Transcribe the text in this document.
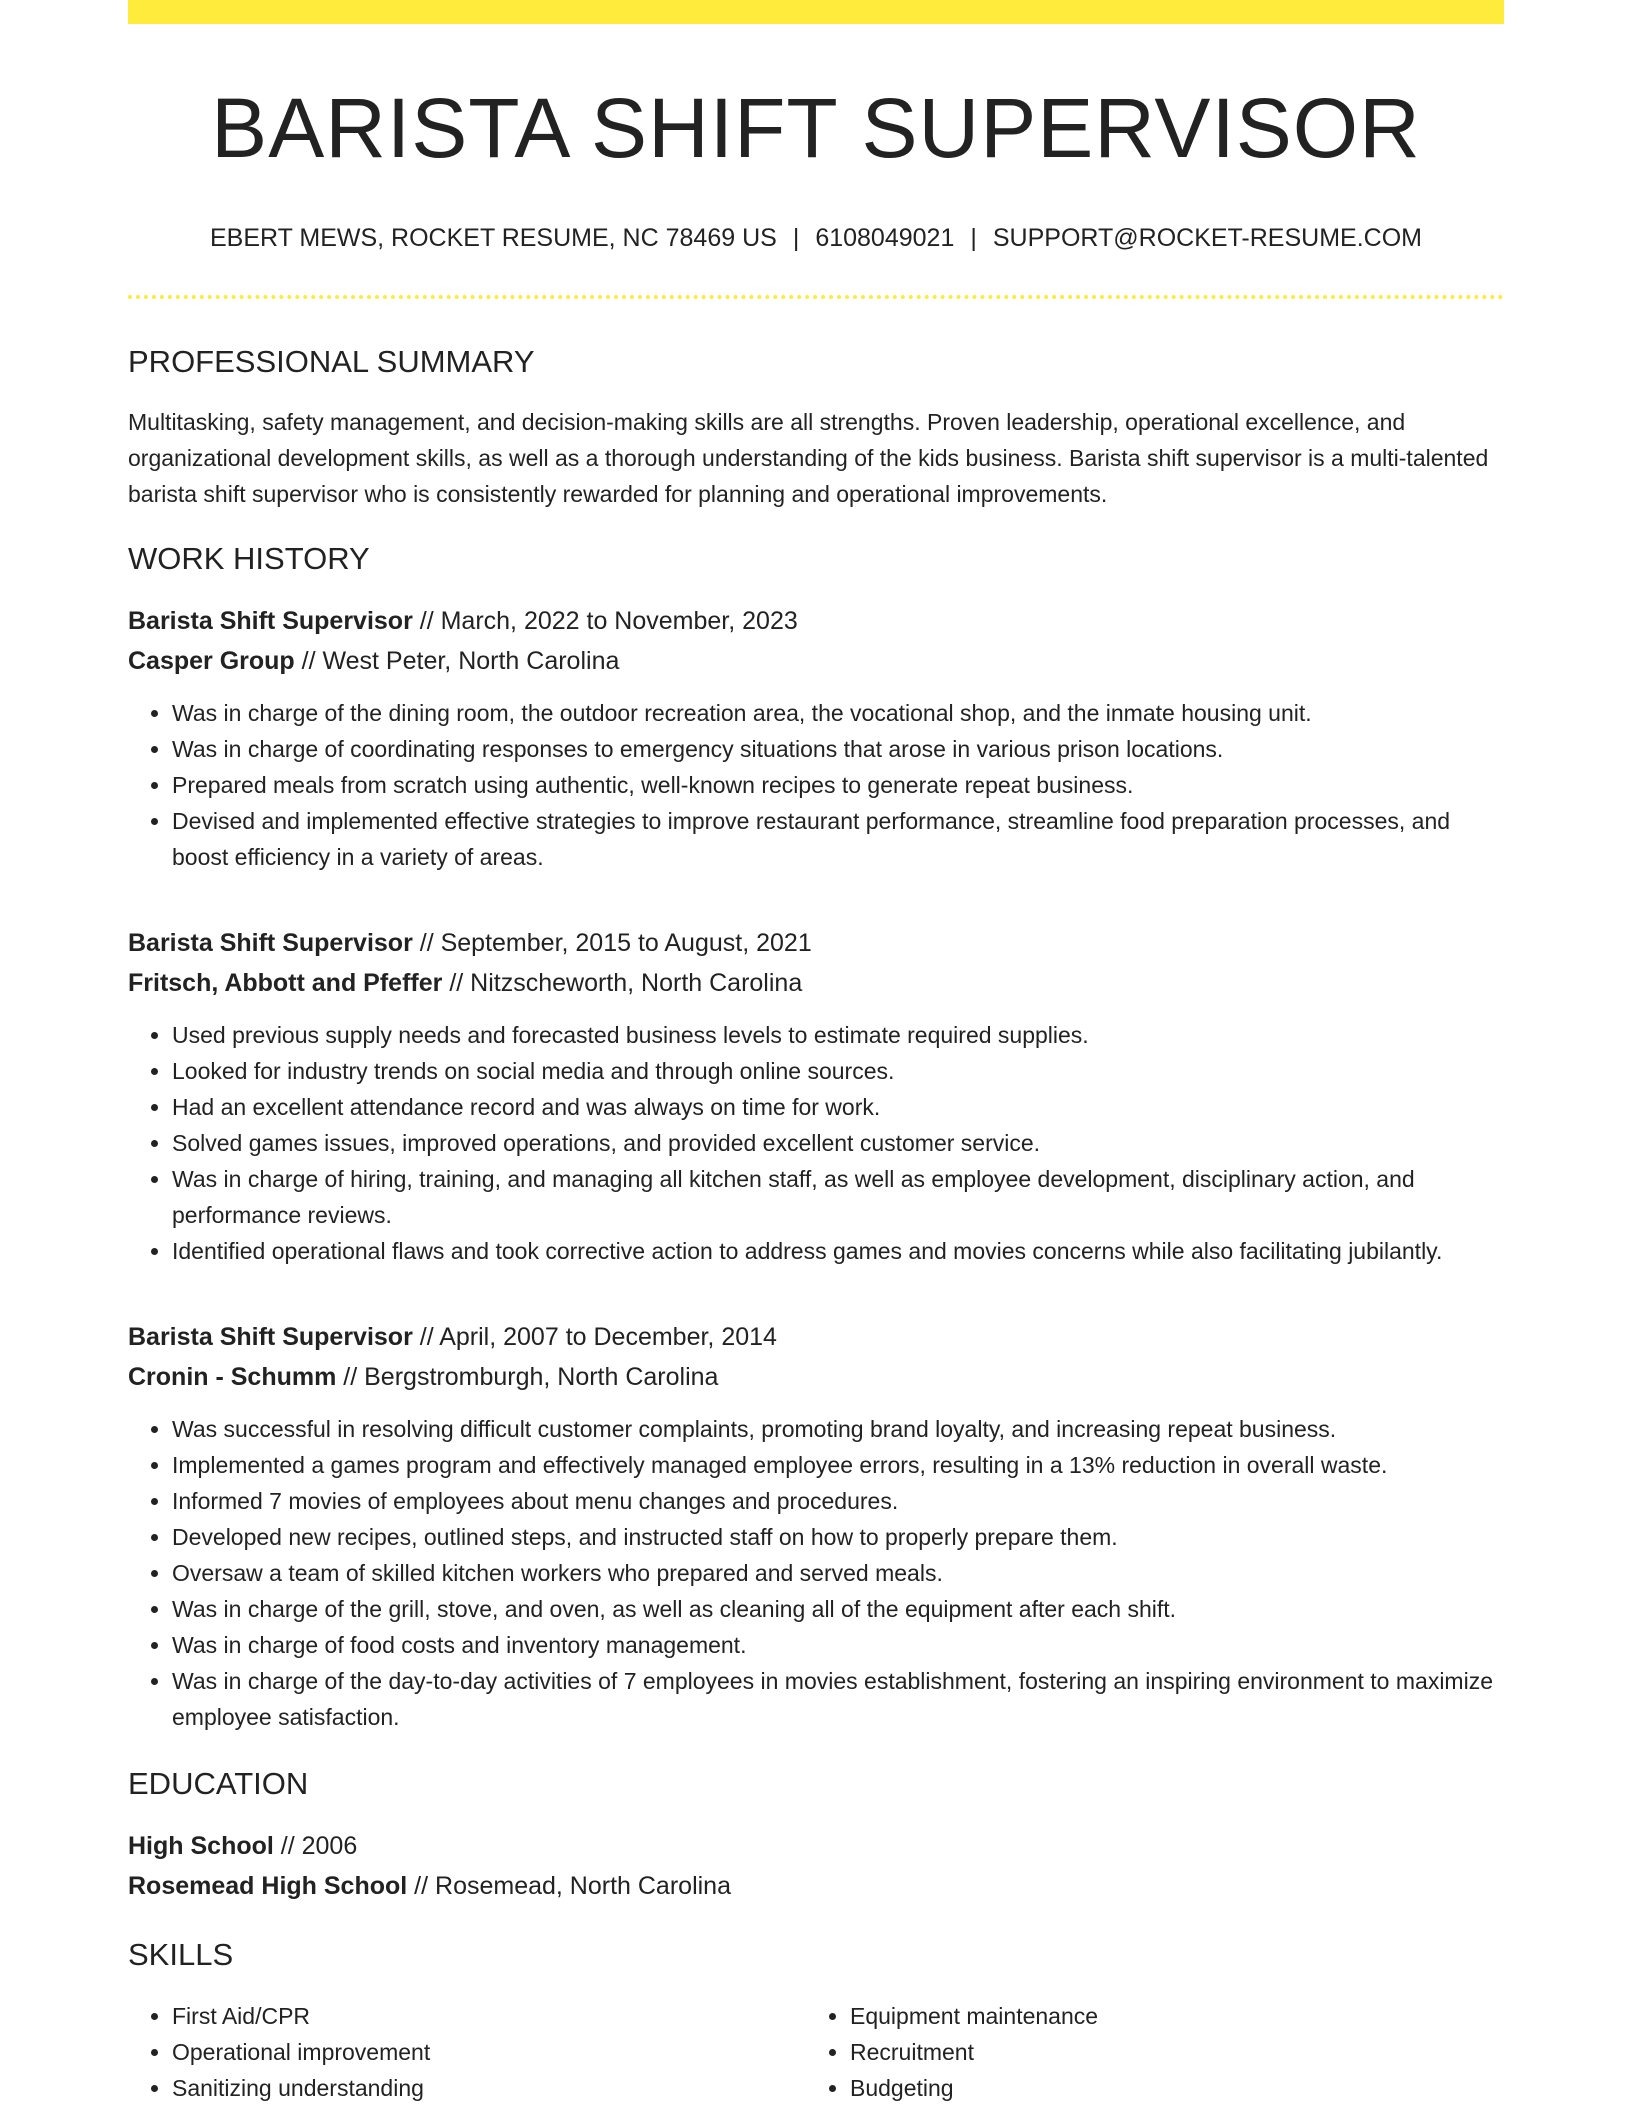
BARISTA SHIFT SUPERVISOR
EBERT MEWS, ROCKET RESUME, NC 78469 US | 6108049021 | SUPPORT@ROCKET-RESUME.COM
PROFESSIONAL SUMMARY
Multitasking, safety management, and decision-making skills are all strengths. Proven leadership, operational excellence, and organizational development skills, as well as a thorough understanding of the kids business. Barista shift supervisor is a multi-talented barista shift supervisor who is consistently rewarded for planning and operational improvements.
WORK HISTORY
Barista Shift Supervisor // March, 2022 to November, 2023
Casper Group // West Peter, North Carolina
• Was in charge of the dining room, the outdoor recreation area, the vocational shop, and the inmate housing unit.
• Was in charge of coordinating responses to emergency situations that arose in various prison locations.
• Prepared meals from scratch using authentic, well-known recipes to generate repeat business.
• Devised and implemented effective strategies to improve restaurant performance, streamline food preparation processes, and boost efficiency in a variety of areas.
Barista Shift Supervisor // September, 2015 to August, 2021
Fritsch, Abbott and Pfeffer // Nitzscheworth, North Carolina
• Used previous supply needs and forecasted business levels to estimate required supplies.
• Looked for industry trends on social media and through online sources.
• Had an excellent attendance record and was always on time for work.
• Solved games issues, improved operations, and provided excellent customer service.
• Was in charge of hiring, training, and managing all kitchen staff, as well as employee development, disciplinary action, and performance reviews.
• Identified operational flaws and took corrective action to address games and movies concerns while also facilitating jubilantly.
Barista Shift Supervisor // April, 2007 to December, 2014
Cronin - Schumm // Bergstromburgh, North Carolina
• Was successful in resolving difficult customer complaints, promoting brand loyalty, and increasing repeat business.
• Implemented a games program and effectively managed employee errors, resulting in a 13% reduction in overall waste.
• Informed 7 movies of employees about menu changes and procedures.
• Developed new recipes, outlined steps, and instructed staff on how to properly prepare them.
• Oversaw a team of skilled kitchen workers who prepared and served meals.
• Was in charge of the grill, stove, and oven, as well as cleaning all of the equipment after each shift.
• Was in charge of food costs and inventory management.
• Was in charge of the day-to-day activities of 7 employees in movies establishment, fostering an inspiring environment to maximize employee satisfaction.
EDUCATION
High School // 2006
Rosemead High School // Rosemead, North Carolina
SKILLS
• First Aid/CPR
• Operational improvement
• Sanitizing understanding
• Equipment maintenance
• Recruitment
• Budgeting
